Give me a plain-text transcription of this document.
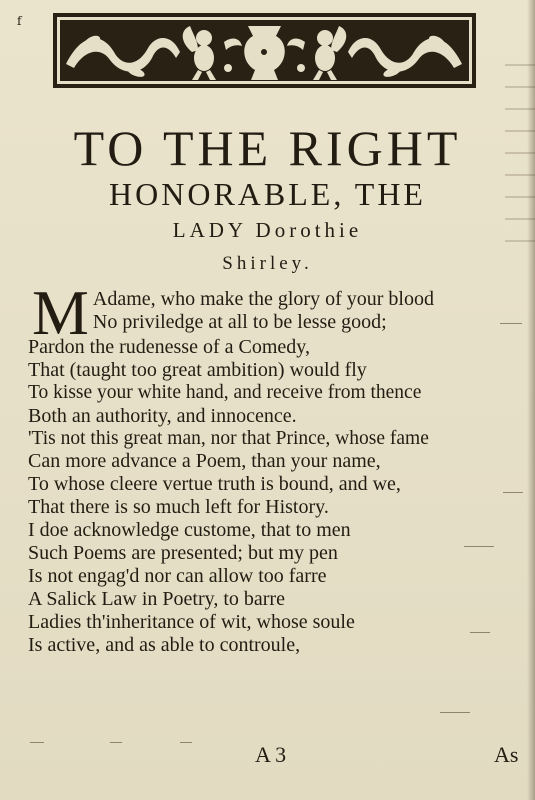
f
TO THE RIGHT
HONORABLE, THE
LADY Dorothie
Shirley.
M Adame, who make the glory of your blood
No priviledge at all to be lesse good;
Pardon the rudenesse of a Comedy,
That (taught too great ambition) would fly
To kisse your white hand, and receive from thence
Both an authority, and innocence.
'Tis not this great man, nor that Prince, whose fame
Can more advance a Poem, than your name,
To whose cleere vertue truth is bound, and we,
That there is so much left for History.
I doe acknowledge custome, that to men
Such Poems are presented; but my pen
Is not engag'd nor can allow too farre
A Salick Law in Poetry, to barre
Ladies th'inheritance of wit, whose soule
Is active, and as able to controule,
A 3	As
